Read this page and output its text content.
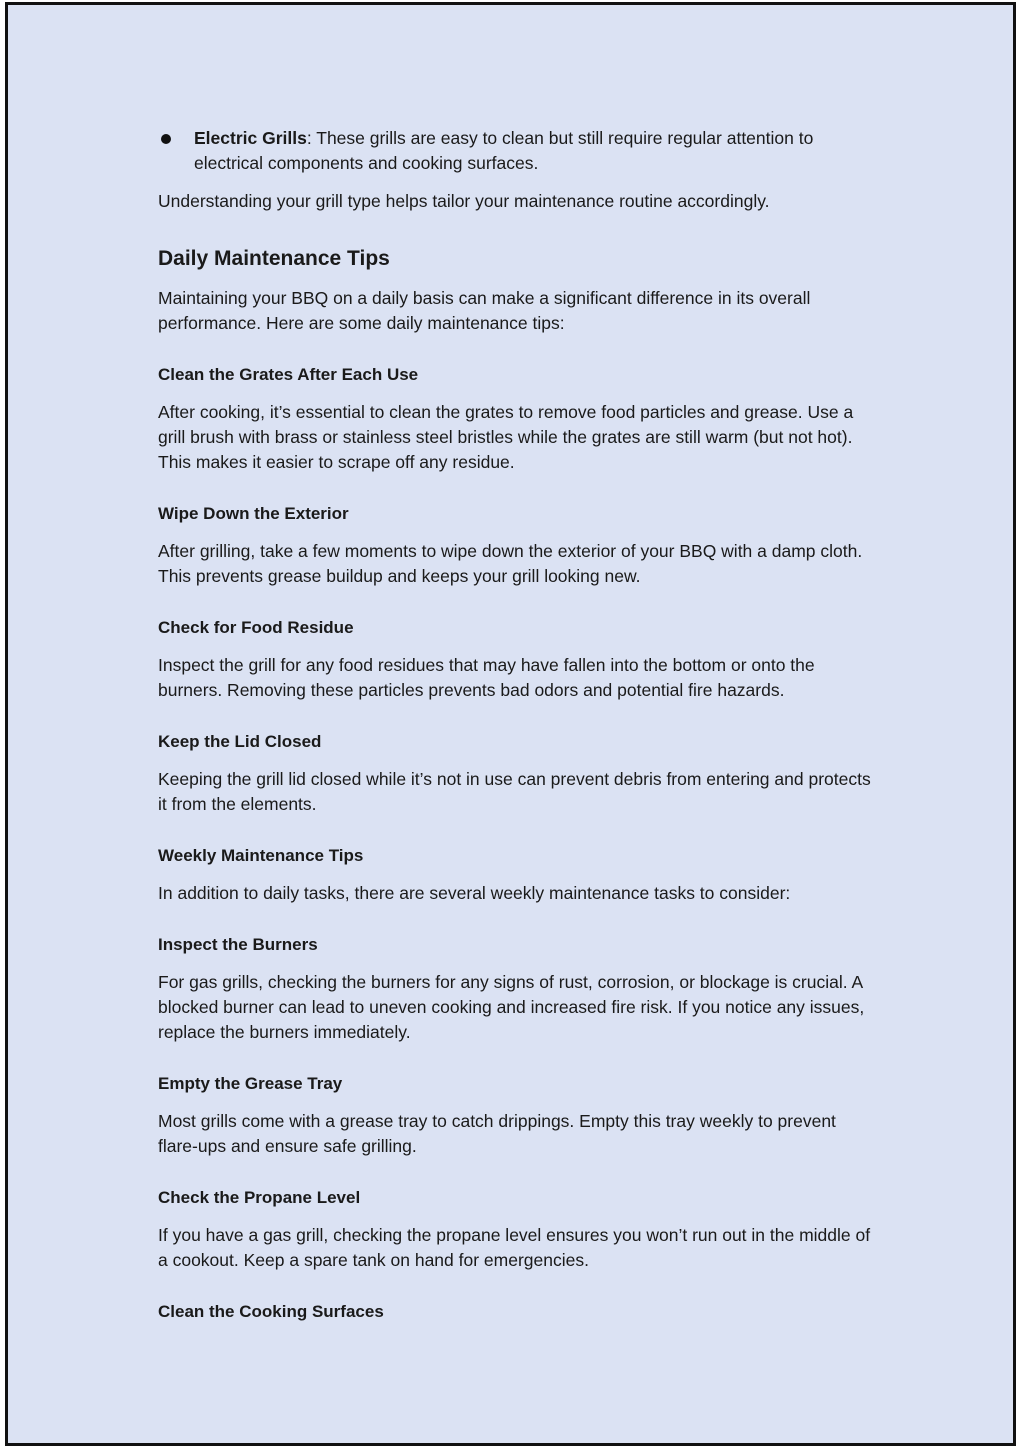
Electric Grills: These grills are easy to clean but still require regular attention to electrical components and cooking surfaces.

Understanding your grill type helps tailor your maintenance routine accordingly.

Daily Maintenance Tips

Maintaining your BBQ on a daily basis can make a significant difference in its overall performance. Here are some daily maintenance tips:

Clean the Grates After Each Use

After cooking, it’s essential to clean the grates to remove food particles and grease. Use a grill brush with brass or stainless steel bristles while the grates are still warm (but not hot). This makes it easier to scrape off any residue.

Wipe Down the Exterior

After grilling, take a few moments to wipe down the exterior of your BBQ with a damp cloth. This prevents grease buildup and keeps your grill looking new.

Check for Food Residue

Inspect the grill for any food residues that may have fallen into the bottom or onto the burners. Removing these particles prevents bad odors and potential fire hazards.

Keep the Lid Closed

Keeping the grill lid closed while it’s not in use can prevent debris from entering and protects it from the elements.

Weekly Maintenance Tips

In addition to daily tasks, there are several weekly maintenance tasks to consider:

Inspect the Burners

For gas grills, checking the burners for any signs of rust, corrosion, or blockage is crucial. A blocked burner can lead to uneven cooking and increased fire risk. If you notice any issues, replace the burners immediately.

Empty the Grease Tray

Most grills come with a grease tray to catch drippings. Empty this tray weekly to prevent flare-ups and ensure safe grilling.

Check the Propane Level

If you have a gas grill, checking the propane level ensures you won’t run out in the middle of a cookout. Keep a spare tank on hand for emergencies.

Clean the Cooking Surfaces
